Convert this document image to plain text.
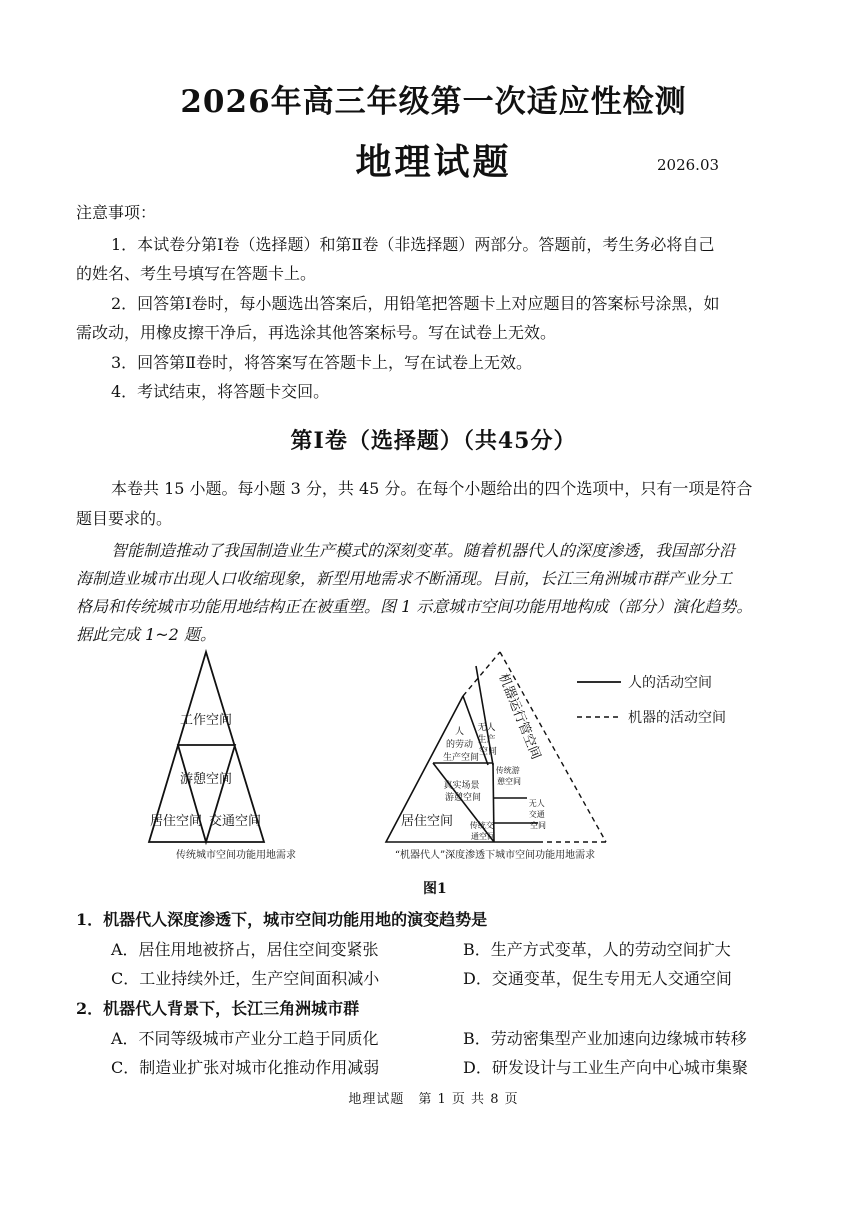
2026年高三年级第一次适应性检测
地理试题	2026.03
注意事项：
1．本试卷分第Ⅰ卷（选择题）和第Ⅱ卷（非选择题）两部分。答题前，考生务必将自己
的姓名、考生号填写在答题卡上。
2．回答第Ⅰ卷时，每小题选出答案后，用铅笔把答题卡上对应题目的答案标号涂黑，如
需改动，用橡皮擦干净后，再选涂其他答案标号。写在试卷上无效。
3．回答第Ⅱ卷时，将答案写在答题卡上，写在试卷上无效。
4．考试结束，将答题卡交回。
第Ⅰ卷（选择题）（共45分）
本卷共 15 小题。每小题 3 分，共 45 分。在每个小题给出的四个选项中，只有一项是符合
题目要求的。
智能制造推动了我国制造业生产模式的深刻变革。随着机器代人的深度渗透，我国部分沿
海制造业城市出现人口收缩现象，新型用地需求不断涌现。目前，长江三角洲城市群产业分工
格局和传统城市功能用地结构正在被重塑。图 1 示意城市空间功能用地构成（部分）演化趋势。
据此完成 1~2 题。
工作空间
游憩空间
居住空间 交通空间
传统城市空间功能用地需求
人 的劳动 生产空间
无人 生产 空间
机器运行管空间
真实场景 游憩空间
传统游 憩空间
居住空间 传统交 通空间
无人 交通 空间
“机器代人”深度渗透下城市空间功能用地需求
人的活动空间
机器的活动空间
图1
1．机器代人深度渗透下，城市空间功能用地的演变趋势是
A．居住用地被挤占，居住空间变紧张	B．生产方式变革，人的劳动空间扩大
C．工业持续外迁，生产空间面积减小	D．交通变革，促生专用无人交通空间
2．机器代人背景下，长江三角洲城市群
A．不同等级城市产业分工趋于同质化	B．劳动密集型产业加速向边缘城市转移
C．制造业扩张对城市化推动作用减弱	D．研发设计与工业生产向中心城市集聚
地理试题　第 1 页 共 8 页
